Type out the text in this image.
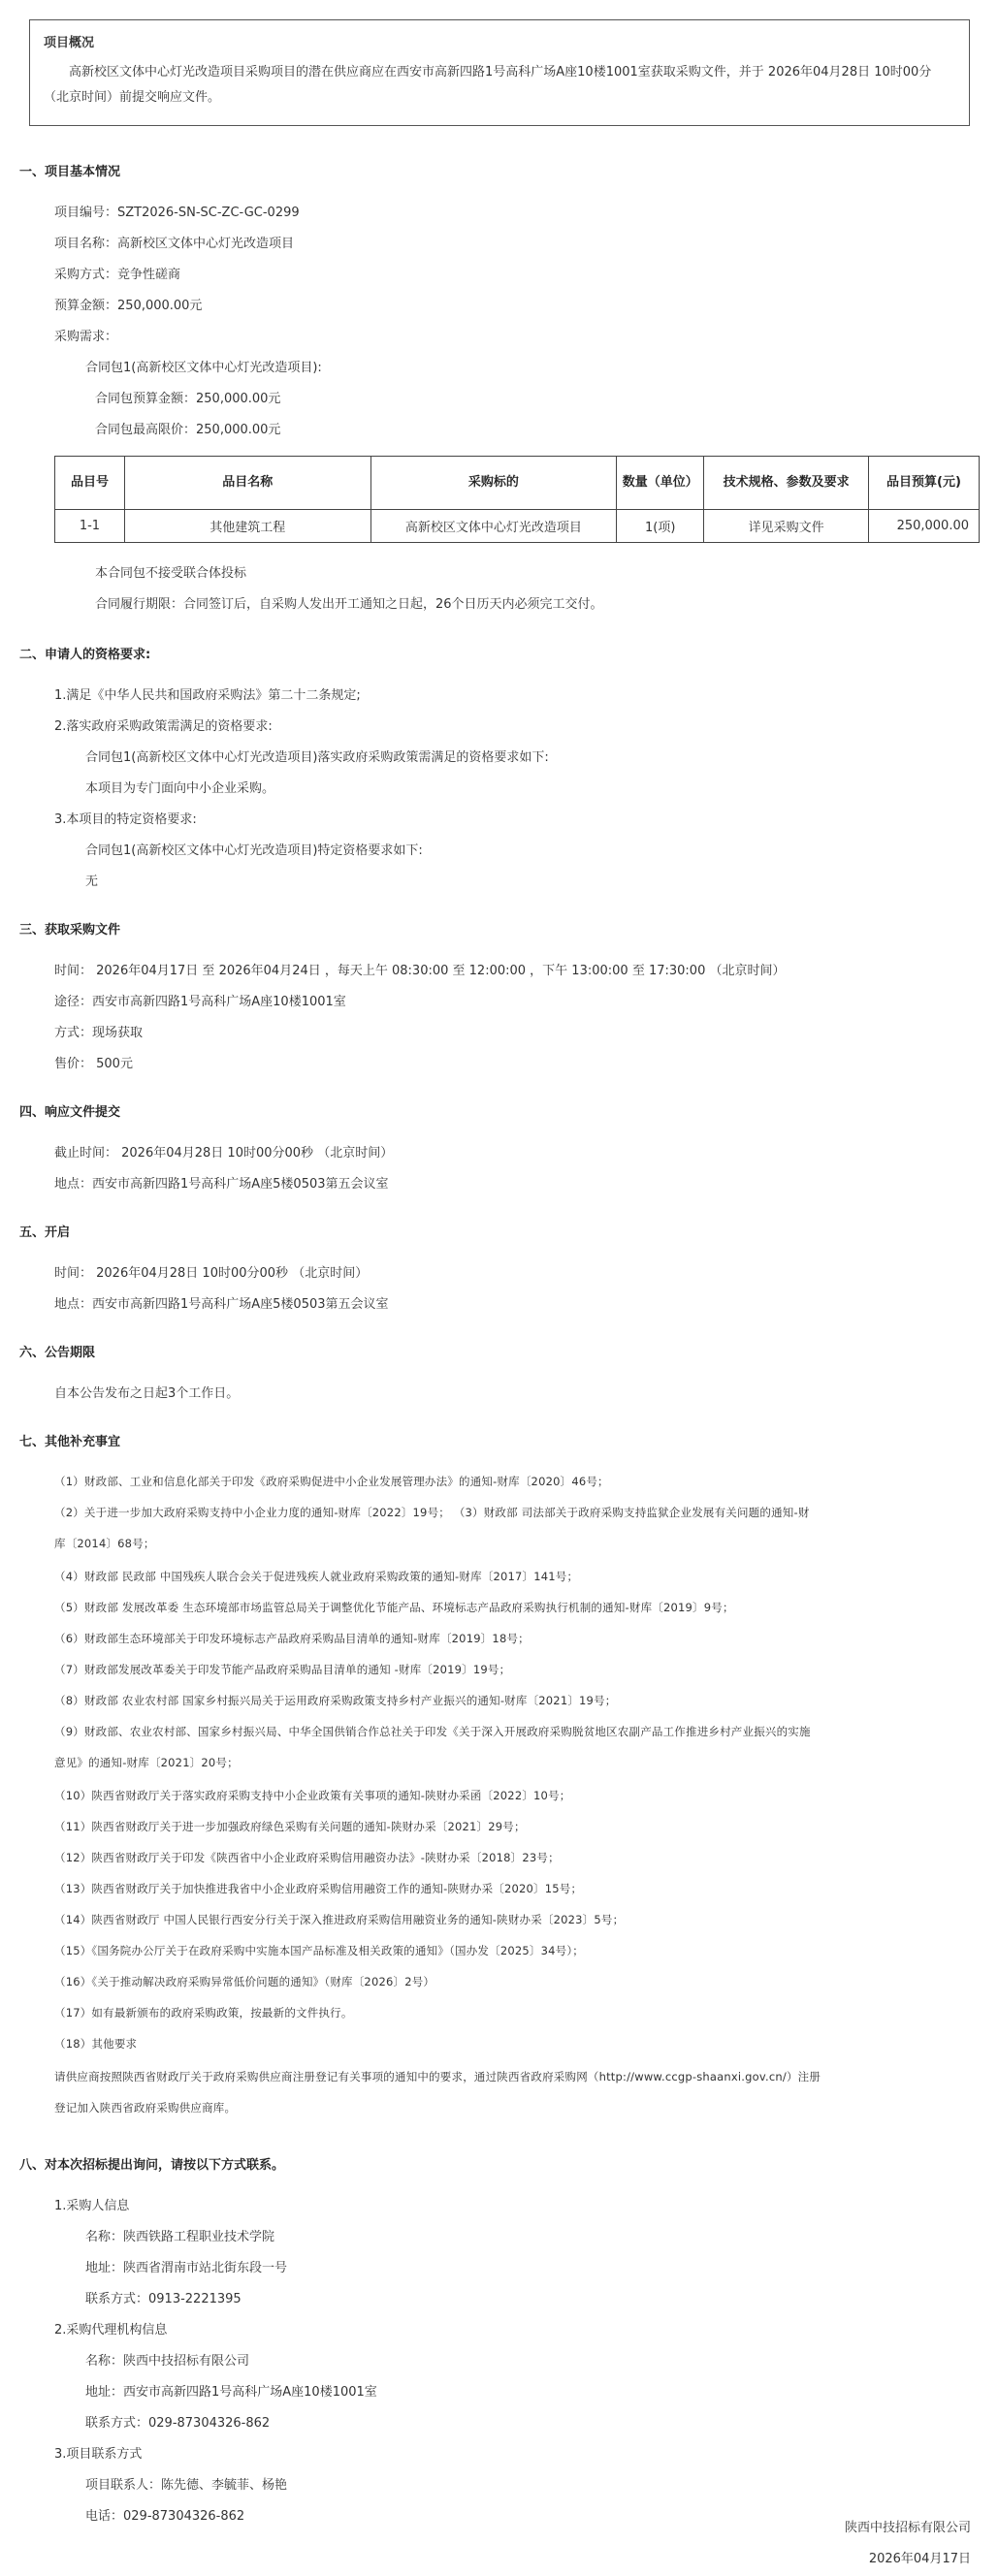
项目概况
高新校区文体中心灯光改造项目采购项目的潜在供应商应在西安市高新四路1号高科广场A座10楼1001室获取采购文件，并于 2026年04月28日 10时00分 （北京时间）前提交响应文件。
一、项目基本情况
项目编号：SZT2026-SN-SC-ZC-GC-0299
项目名称：高新校区文体中心灯光改造项目
采购方式：竞争性磋商
预算金额：250,000.00元
采购需求：
合同包1(高新校区文体中心灯光改造项目):
合同包预算金额：250,000.00元
合同包最高限价：250,000.00元
品目号	品目名称	采购标的	数量（单位）	技术规格、参数及要求	品目预算(元)
1-1	其他建筑工程	高新校区文体中心灯光改造项目	1(项)	详见采购文件	250,000.00
本合同包不接受联合体投标
合同履行期限：合同签订后，自采购人发出开工通知之日起，26个日历天内必须完工交付。
二、申请人的资格要求:
1.满足《中华人民共和国政府采购法》第二十二条规定;
2.落实政府采购政策需满足的资格要求:
合同包1(高新校区文体中心灯光改造项目)落实政府采购政策需满足的资格要求如下:
本项目为专门面向中小企业采购。
3.本项目的特定资格要求:
合同包1(高新校区文体中心灯光改造项目)特定资格要求如下:
无
三、获取采购文件
时间： 2026年04月17日 至 2026年04月24日 ，每天上午 08:30:00 至 12:00:00 ，下午 13:00:00 至 17:30:00 （北京时间）
途径：西安市高新四路1号高科广场A座10楼1001室
方式：现场获取
售价： 500元
四、响应文件提交
截止时间： 2026年04月28日 10时00分00秒 （北京时间）
地点：西安市高新四路1号高科广场A座5楼0503第五会议室
五、开启
时间： 2026年04月28日 10时00分00秒 （北京时间）
地点：西安市高新四路1号高科广场A座5楼0503第五会议室
六、公告期限
自本公告发布之日起3个工作日。
七、其他补充事宜
（1）财政部、工业和信息化部关于印发《政府采购促进中小企业发展管理办法》的通知-财库〔2020〕46号；
（2）关于进一步加大政府采购支持中小企业力度的通知-财库〔2022〕19号； （3）财政部 司法部关于政府采购支持监狱企业发展有关问题的通知-财
库〔2014〕68号；
（4）财政部 民政部 中国残疾人联合会关于促进残疾人就业政府采购政策的通知-财库〔2017〕141号；
（5）财政部 发展改革委 生态环境部市场监管总局关于调整优化节能产品、环境标志产品政府采购执行机制的通知-财库〔2019〕9号；
（6）财政部生态环境部关于印发环境标志产品政府采购品目清单的通知-财库〔2019〕18号；
（7）财政部发展改革委关于印发节能产品政府采购品目清单的通知 -财库〔2019〕19号；
（8）财政部 农业农村部 国家乡村振兴局关于运用政府采购政策支持乡村产业振兴的通知-财库〔2021〕19号；
（9）财政部、农业农村部、国家乡村振兴局、中华全国供销合作总社关于印发《关于深入开展政府采购脱贫地区农副产品工作推进乡村产业振兴的实施
意见》的通知-财库〔2021〕20号；
（10）陕西省财政厅关于落实政府采购支持中小企业政策有关事项的通知-陕财办采函〔2022〕10号；
（11）陕西省财政厅关于进一步加强政府绿色采购有关问题的通知-陕财办采〔2021〕29号；
（12）陕西省财政厅关于印发《陕西省中小企业政府采购信用融资办法》-陕财办采〔2018〕23号；
（13）陕西省财政厅关于加快推进我省中小企业政府采购信用融资工作的通知-陕财办采〔2020〕15号；
（14）陕西省财政厅 中国人民银行西安分行关于深入推进政府采购信用融资业务的通知-陕财办采〔2023〕5号；
（15）《国务院办公厅关于在政府采购中实施本国产品标准及相关政策的通知》（国办发〔2025〕34号）；
（16）《关于推动解决政府采购异常低价问题的通知》（财库〔2026〕2号）
（17）如有最新颁布的政府采购政策，按最新的文件执行。
（18）其他要求
请供应商按照陕西省财政厅关于政府采购供应商注册登记有关事项的通知中的要求，通过陕西省政府采购网（http://www.ccgp-shaanxi.gov.cn/）注册
登记加入陕西省政府采购供应商库。
八、对本次招标提出询问，请按以下方式联系。
1.采购人信息
名称：陕西铁路工程职业技术学院
地址：陕西省渭南市站北街东段一号
联系方式：0913-2221395
2.采购代理机构信息
名称：陕西中技招标有限公司
地址：西安市高新四路1号高科广场A座10楼1001室
联系方式：029-87304326-862
3.项目联系方式
项目联系人：陈先德、李毓菲、杨艳
电话：029-87304326-862
陕西中技招标有限公司
2026年04月17日
